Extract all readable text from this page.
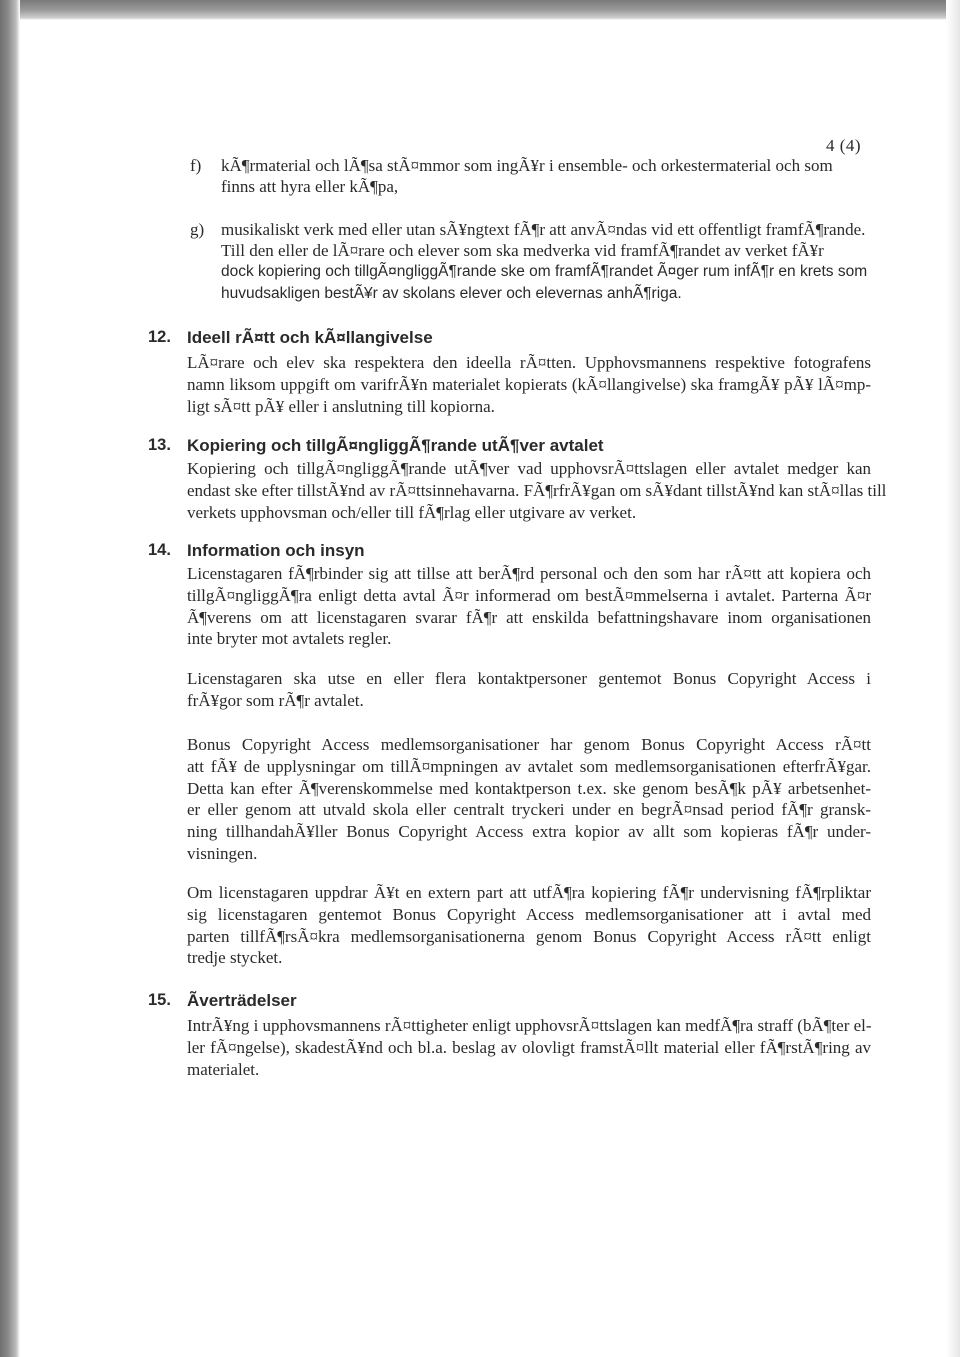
4 (4)
f) kÃ¶rmaterial och lÃ¶sa stÃ¤mmor som ingÃ¥r i ensemble- och orkestermaterial och som
finns att hyra eller kÃ¶pa,
g) musikaliskt verk med eller utan sÃ¥ngtext fÃ¶r att anvÃ¤ndas vid ett offentligt framfÃ¶rande.
Till den eller de lÃ¤rare och elever som ska medverka vid framfÃ¶randet av verket fÃ¥r
dock kopiering och tillgÃ¤ngliggÃ¶rande ske om framfÃ¶randet Ã¤ger rum infÃ¶r en krets som
huvudsakligen bestÃ¥r av skolans elever och elevernas anhÃ¶riga.
12. Ideell rÃ¤tt och kÃ¤llangivelse
LÃ¤rare och elev ska respektera den ideella rÃ¤tten. Upphovsmannens respektive fotografens
namn liksom uppgift om varifrÃ¥n materialet kopierats (kÃ¤llangivelse) ska framgÃ¥ pÃ¥ lÃ¤mp-
ligt sÃ¤tt pÃ¥ eller i anslutning till kopiorna.
13. Kopiering och tillgÃ¤ngliggÃ¶rande utÃ¶ver avtalet
Kopiering och tillgÃ¤ngliggÃ¶rande utÃ¶ver vad upphovsrÃ¤ttslagen eller avtalet medger kan
endast ske efter tillstÃ¥nd av rÃ¤ttsinnehavarna. FÃ¶rfrÃ¥gan om sÃ¥dant tillstÃ¥nd kan stÃ¤llas till
verkets upphovsman och/eller till fÃ¶rlag eller utgivare av verket.
14. Information och insyn
Licenstagaren fÃ¶rbinder sig att tillse att berÃ¶rd personal och den som har rÃ¤tt att kopiera och
tillgÃ¤ngliggÃ¶ra enligt detta avtal Ã¤r informerad om bestÃ¤mmelserna i avtalet. Parterna Ã¤r
Ã¶verens om att licenstagaren svarar fÃ¶r att enskilda befattningshavare inom organisationen
inte bryter mot avtalets regler.
Licenstagaren ska utse en eller flera kontaktpersoner gentemot Bonus Copyright Access i
frÃ¥gor som rÃ¶r avtalet.
Bonus Copyright Access medlemsorganisationer har genom Bonus Copyright Access rÃ¤tt
att fÃ¥ de upplysningar om tillÃ¤mpningen av avtalet som medlemsorganisationen efterfrÃ¥gar.
Detta kan efter Ã¶verenskommelse med kontaktperson t.ex. ske genom besÃ¶k pÃ¥ arbetsenhet-
er eller genom att utvald skola eller centralt tryckeri under en begrÃ¤nsad period fÃ¶r gransk-
ning tillhandahÃ¥ller Bonus Copyright Access extra kopior av allt som kopieras fÃ¶r under-
visningen.
Om licenstagaren uppdrar Ã¥t en extern part att utfÃ¶ra kopiering fÃ¶r undervisning fÃ¶rpliktar
sig licenstagaren gentemot Bonus Copyright Access medlemsorganisationer att i avtal med
parten tillfÃ¶rsÃ¤kra medlemsorganisationerna genom Bonus Copyright Access rÃ¤tt enligt
tredje stycket.
15. Ãverträdelser
IntrÃ¥ng i upphovsmannens rÃ¤ttigheter enligt upphovsrÃ¤ttslagen kan medfÃ¶ra straff (bÃ¶ter el-
ler fÃ¤ngelse), skadestÃ¥nd och bl.a. beslag av olovligt framstÃ¤llt material eller fÃ¶rstÃ¶ring av
materialet.
